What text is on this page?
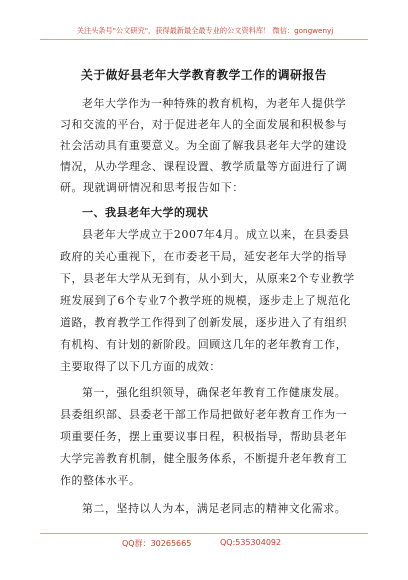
关注头条号"公文研究"，获得最新最全最专业的公文资料库！ 微信：gongwenyj
关于做好县老年大学教育教学工作的调研报告
老年大学作为一种特殊的教育机构，为老年人提供学
习和交流的平台，对于促进老年人的全面发展和积极参与
社会活动具有重要意义。为全面了解我县老年大学的建设
情况，从办学理念、课程设置、教学质量等方面进行了调
研。现就调研情况和思考报告如下：
一、我县老年大学的现状
县老年大学成立于2007年4月。成立以来，在县委县
政府的关心重视下，在市委老干局，延安老年大学的指导
下，县老年大学从无到有，从小到大，从原来2个专业教学
班发展到了6个专业7个教学班的规模，逐步走上了规范化
道路，教育教学工作得到了创新发展，逐步进入了有组织
有机构、有计划的新阶段。回顾这几年的老年教育工作，
主要取得了以下几方面的成效：
第一，强化组织领导，确保老年教育工作健康发展。
县委组织部、县委老干部工作局把做好老年教育工作为一
项重要任务，摆上重要议事日程，积极指导，帮助县老年
大学完善教育机制，健全服务体系，不断提升老年教育工
作的整体水平。
第二，坚持以人为本，满足老同志的精神文化需求。
QQ群：30265665	QQ:535304092
